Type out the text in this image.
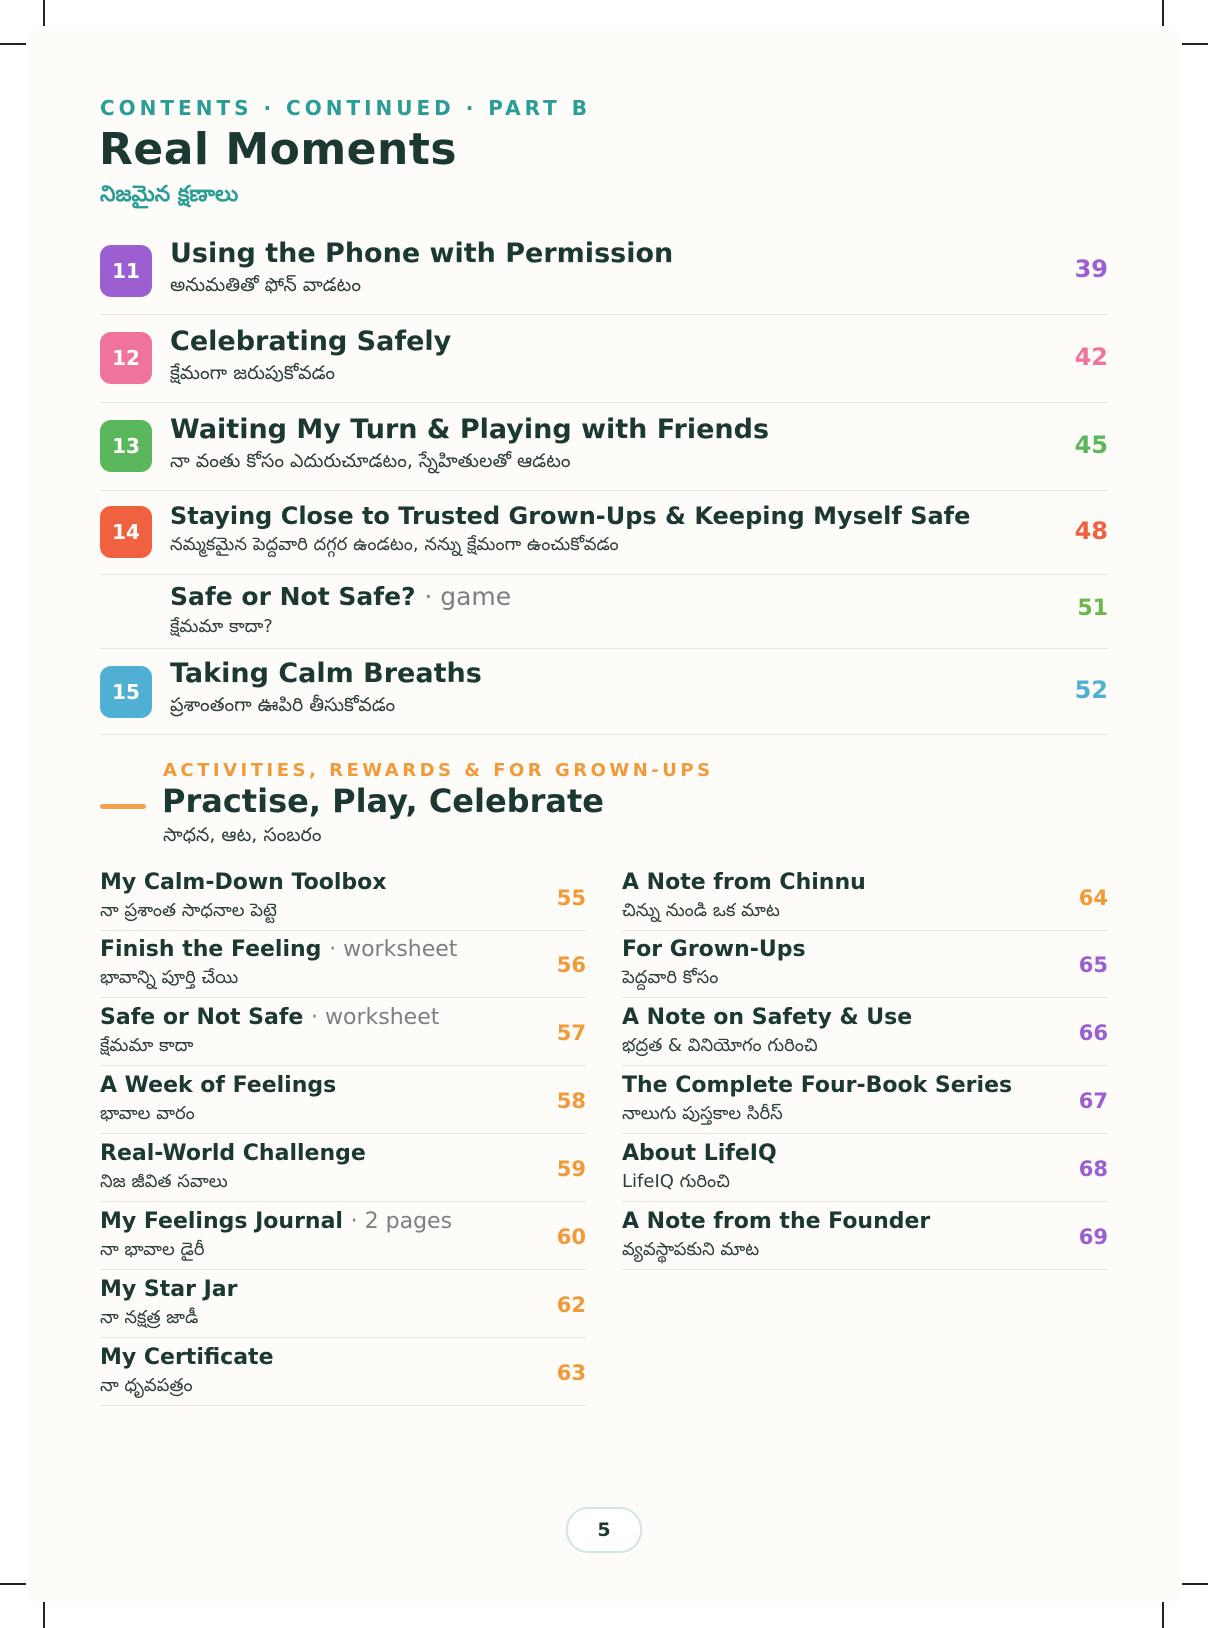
CONTENTS · CONTINUED · PART B
Real Moments
నిజమైన క్షణాలు
11
Using the Phone with Permission
అనుమతితో ఫోన్ వాడటం
39
12
Celebrating Safely
క్షేమంగా జరుపుకోవడం
42
13
Waiting My Turn & Playing with Friends
నా వంతు కోసం ఎదురుచూడటం, స్నేహితులతో ఆడటం
45
14
Staying Close to Trusted Grown-Ups & Keeping Myself Safe
నమ్మకమైన పెద్దవారి దగ్గర ఉండటం, నన్ను క్షేమంగా ఉంచుకోవడం	48
Safe or Not Safe? · game
క్షేమమా కాదా?
51
15
Taking Calm Breaths
ప్రశాంతంగా ఊపిరి తీసుకోవడం
52
ACTIVITIES, REWARDS & FOR GROWN-UPS
Practise, Play, Celebrate
సాధన, ఆట, సంబరం
My Calm-Down Toolbox
నా ప్రశాంత సాధనాల పెట్టె
55
Finish the Feeling · worksheet
భావాన్ని పూర్తి చేయి
56
Safe or Not Safe · worksheet
క్షేమమా కాదా
57
A Week of Feelings
భావాల వారం
58
Real-World Challenge
నిజ జీవిత సవాలు
59
My Feelings Journal · 2 pages
నా భావాల డైరీ
60
My Star Jar
నా నక్షత్ర జాడీ
62
My Certificate
నా ధృవపత్రం
63
A Note from Chinnu
చిన్ను నుండి ఒక మాట
64
For Grown-Ups
పెద్దవారి కోసం
65
A Note on Safety & Use
భద్రత & వినియోగం గురించి
66
The Complete Four-Book Series
నాలుగు పుస్తకాల సిరీస్
67
About LifeIQ
LifeIQ గురించి
68
A Note from the Founder
వ్యవస్థాపకుని మాట
69
5
